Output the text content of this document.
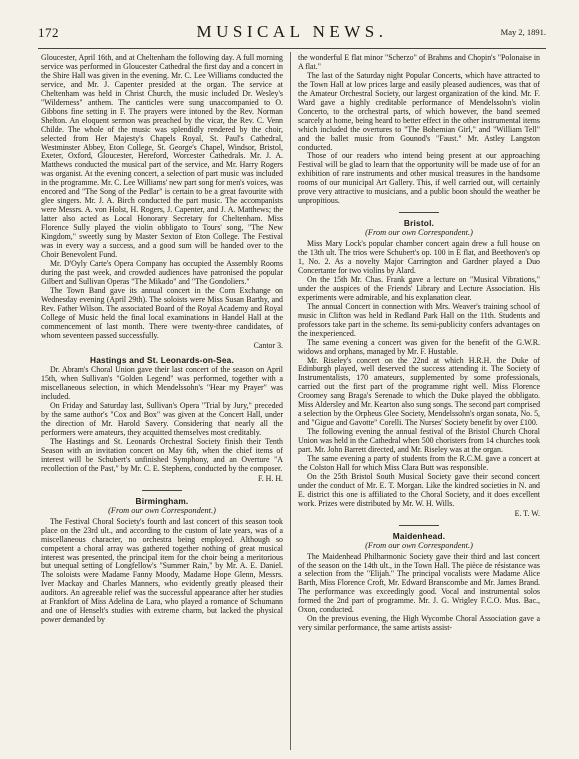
172	MUSICAL NEWS.	May 2, 1891.

Gloucester, April 16th, and at Cheltenham the following day. A full morning service was performed in Gloucester Cathedral the first day and a concert in the Shire Hall was given in the evening. Mr. C. Lee Williams conducted the service, and Mr. J. Capenter presided at the organ. The service at Cheltenham was held in Christ Church, the music included Dr. Wesley's "Wilderness" anthem. The canticles were sung unaccompanied to O. Gibbons fine setting in F. The prayers were intoned by the Rev. Norman Shelton. An eloquent sermon was preached by the vicar, the Rev. C. Venn Childe. The whole of the music was splendidly rendered by the choir, selected from Her Majesty's Chapels Royal, St. Paul's Cathedral, Westminster Abbey, Eton College, St. George's Chapel, Windsor, Bristol, Exeter, Oxford, Gloucester, Hereford, Worcester Cathedrals. Mr. J. A. Matthews conducted the musical part of the service, and Mr. Harry Rogers was organist. At the evening concert, a selection of part music was included in the programme. Mr. C. Lee Williams' new part song for men's voices, was encored and "The Song of the Pedlar" is certain to be a great favourite with glee singers. Mr. J. A. Birch conducted the part music. The accompanists were Messrs. A. von Holst, H. Rogers, J. Capenter, and J. A. Matthews; the latter also acted as Local Honorary Secretary for Cheltenham. Miss Florence Sully played the violin obbligato to Tours' song, "The New Kingdom," sweetly sung by Master Sexton of Eton College. The Festival was in every way a success, and a good sum will be handed over to the Choir Benevolent Fund.

Mr. D'Oyly Carte's Opera Company has occupied the Assembly Rooms during the past week, and crowded audiences have patronised the popular Gilbert and Sullivan Operas "The Mikado" and "The Gondoliers."

The Town Band gave its annual concert in the Corn Exchange on Wednesday evening (April 29th). The soloists were Miss Susan Barthy, and Rev. Father Wilson. The associated Board of the Royal Academy and Royal College of Music held the final local examinations in Handel Hall at the commencement of last month. There were twenty-three candidates, of whom seventeen passed successfully.

Cantor 3.
Hastings and St. Leonards-on-Sea.

Dr. Abram's Choral Union gave their last concert of the season on April 15th, when Sullivan's "Golden Legend" was performed, together with a miscellaneous selection, in which Mendelssohn's "Hear my Prayer" was included.

On Friday and Saturday last, Sullivan's Opera "Trial by Jury," preceded by the same author's "Cox and Box" was given at the Concert Hall, under the direction of Mr. Harold Savery. Considering that nearly all the performers were amateurs, they acquitted themselves most creditably.

The Hastings and St. Leonards Orchestral Society finish their Tenth Season with an invitation concert on May 6th, when the chief items of interest will be Schubert's unfinished Symphony, and an Overture "A recollection of the Past," by Mr. C. E. Stephens, conducted by the composer.

F. H. H.
Birmingham.
(From our own Correspondent.)

The Festival Choral Society's fourth and last concert of this season took place on the 23rd ult., and according to the custom of late years, was of a miscellaneous character, no orchestra being employed. Although so competent a choral array was gathered together nothing of great musical interest was presented, the principal item for the choir being a meritorious but unequal setting of Longfellow's "Summer Rain," by Mr. A. E. Daniel. The soloists were Madame Fanny Moody, Madame Hope Glenn, Messrs. Iver Mackay and Charles Manners, who evidently greatly pleased their auditors. An agreeable relief was the successful appearance after her studies at Frankfort of Miss Adelina de Lara, who played a romance of Schumann and one of Henselt's studies with extreme charm, but lacked the physical power demanded by

the wonderful E flat minor "Scherzo" of Brahms and Chopin's "Polonaise in A flat."

The last of the Saturday night Popular Concerts, which have attracted to the Town Hall at low prices large and easily pleased audiences, was that of the Amateur Orchestral Society, our largest organization of the kind. Mr. F. Ward gave a highly creditable performance of Mendelssohn's violin Concerto, to the orchestral parts, of which however, the band seemed scarcely at home, being heard to better effect in the other instrumental items which included the overtures to "The Bohemian Girl," and "William Tell" and the ballet music from Gounod's "Faust." Mr. Astley Langston conducted.

Those of our readers who intend being present at our approaching Festival will be glad to learn that the opportunity will be made use of for an exhibition of rare instruments and other musical treasures in the handsome rooms of our municipal Art Gallery. This, if well carried out, will certainly prove very attractive to musicians, and a public boon should the weather be unpropitious.

Bristol.
(From our own Correspondent.)

Miss Mary Lock's popular chamber concert again drew a full house on the 13th ult. The trios were Schubert's op. 100 in E flat, and Beethoven's op 1, No. 2. As a novelty Major Carrington and Gardner played a Duo Concertante for two violins by Alard.

On the 15th Mr. Chas. Frank gave a lecture on "Musical Vibrations," under the auspices of the Friends' Library and Lecture Association. His experiments were admirable, and his explanation clear.

The annual Concert in connection with Mrs. Weaver's training school of music in Clifton was held in Redland Park Hall on the 11th. Students and professors take part in the scheme. Its semi-publicity confers advantages on the inexperienced.

The same evening a concert was given for the benefit of the G.W.R. widows and orphans, managed by Mr. F. Hustable.

Mr. Riseley's concert on the 22nd at which H.R.H. the Duke of Edinburgh played, well deserved the success attending it. The Society of Instrumentalists, 170 amateurs, supplemented by some professionals, carried out the first part of the programme right well. Miss Florence Croomey sang Braga's Serenade to which the Duke played the obbligato. Miss Aldersley and Mr. Kearton also sung songs. The second part comprised a selection by the Orpheus Glee Society, Mendelssohn's organ sonata, No. 5, and "Gigue and Gavotte" Corelli. The Nurses' Society benefit by over £100.

The following evening the annual festival of the Bristol Church Choral Union was held in the Cathedral when 500 choristers from 14 churches took part. Mr. John Barrett directed, and Mr. Riseley was at the organ.

The same evening a party of students from the R.C.M. gave a concert at the Colston Hall for which Miss Clara Butt was responsible.

On the 25th Bristol South Musical Society gave their second concert under the conduct of Mr. E. T. Morgan. Like the kindred societies in N. and E. district this one is affiliated to the Choral Society, and it does excellent work. Prizes were distributed by Mr. W. H. Wills.

E. T. W.
Maidenhead.
(From our own Correspondent.)

The Maidenhead Philharmonic Society gave their third and last concert of the season on the 14th ult., in the Town Hall. The pièce de résistance was a selection from the "Elijah." The principal vocalists were Madame Alice Barth, Miss Florence Croft, Mr. Edward Branscombe and Mr. James Brand. The performance was exceedingly good. Vocal and instrumental solos formed the 2nd part of programme. Mr. J. G. Wrigley F.C.O. Mus. Bac., Oxon, conducted.

On the previous evening, the High Wycombe Choral Association gave a very similar performance, the same artists assist-
